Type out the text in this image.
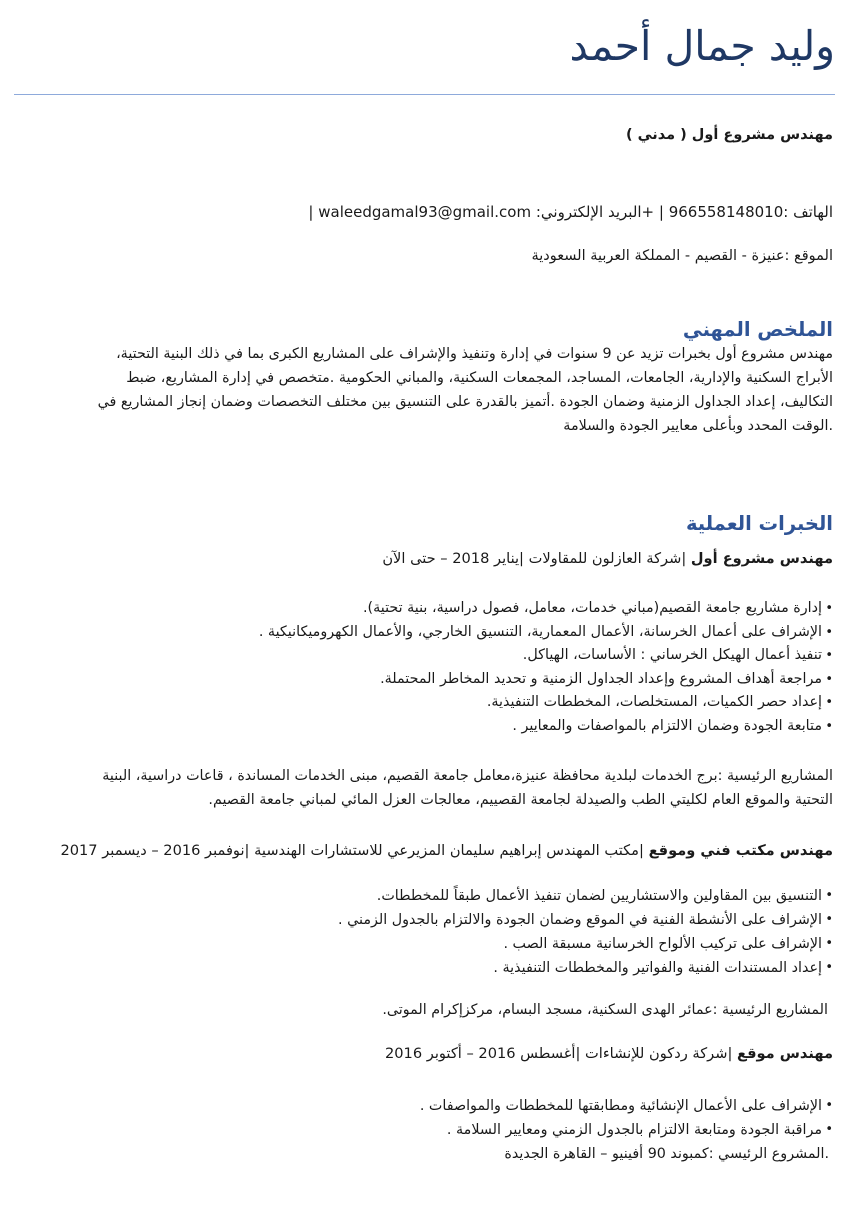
وليد جمال أحمد

مهندس مشروع أول ( مدني )

الهاتف :966558148010 | +البريد الإلكتروني: waleedgamal93@gmail.com |

الموقع :عنيزة - القصيم - المملكة العربية السعودية

الملخص المهني
مهندس مشروع أول بخبرات تزيد عن 9 سنوات في إدارة وتنفيذ والإشراف على المشاريع الكبرى بما في ذلك البنية التحتية،
الأبراج السكنية والإدارية، الجامعات، المساجد، المجمعات السكنية، والمباني الحكومية .متخصص في إدارة المشاريع، ضبط
التكاليف، إعداد الجداول الزمنية وضمان الجودة .أتميز بالقدرة على التنسيق بين مختلف التخصصات وضمان إنجاز المشاريع في
.الوقت المحدد وبأعلى معايير الجودة والسلامة
الخبرات العملية

مهندس مشروع أول |شركة العازلون للمقاولات |يناير 2018 – حتى الآن

• إدارة مشاريع جامعة القصيم(مباني خدمات، معامل، فصول دراسية، بنية تحتية).
• الإشراف على أعمال الخرسانة، الأعمال المعمارية، التنسيق الخارجي، والأعمال الكهروميكانيكية .
• تنفيذ أعمال الهيكل الخرساني : الأساسات، الهياكل.
• مراجعة أهداف المشروع وإعداد الجداول الزمنية و تحديد المخاطر المحتملة.
• إعداد حصر الكميات، المستخلصات، المخططات التنفيذية.
• متابعة الجودة وضمان الالتزام بالمواصفات والمعايير .
المشاريع الرئيسية :برج الخدمات لبلدية محافظة عنيزة،معامل جامعة القصيم، مبنى الخدمات المساندة ، قاعات دراسية، البنية
التحتية والموقع العام لكليتي الطب والصيدلة لجامعة القصييم، معالجات العزل المائي لمباني جامعة القصيم.

مهندس مكتب فني وموقع |مكتب المهندس إبراهيم سليمان المزيرعي للاستشارات الهندسية |نوفمبر 2016 – ديسمبر 2017

• التنسيق بين المقاولين والاستشاريين لضمان تنفيذ الأعمال طبقاً للمخططات.
• الإشراف على الأنشطة الفنية في الموقع وضمان الجودة والالتزام بالجدول الزمني .
• الإشراف على تركيب الألواح الخرسانية مسبقة الصب .
• إعداد المستندات الفنية والفواتير والمخططات التنفيذية .
المشاريع الرئيسية :عمائر الهدى السكنية، مسجد البسام، مركزإكرام الموتى.

مهندس موقع |شركة ردكون للإنشاءات |أغسطس 2016 – أكتوبر 2016

• الإشراف على الأعمال الإنشائية ومطابقتها للمخططات والمواصفات .
• مراقبة الجودة ومتابعة الالتزام بالجدول الزمني ومعايير السلامة .
.المشروع الرئيسي :كمبوند 90 أفينيو – القاهرة الجديدة
